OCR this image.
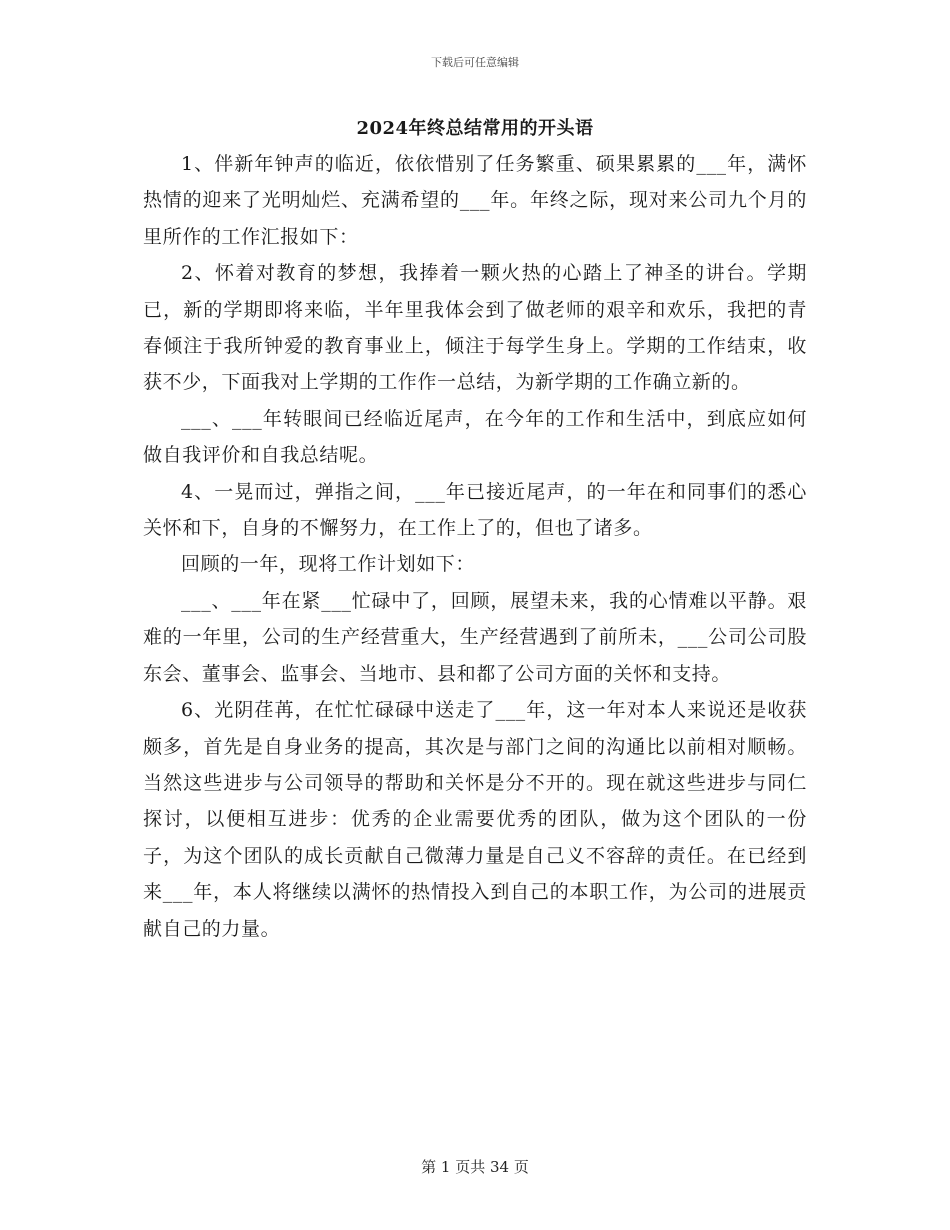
下载后可任意编辑
2024年终总结常用的开头语

1、伴新年钟声的临近，依依惜别了任务繁重、硕果累累的___年，满怀热情的迎来了光明灿烂、充满希望的___年。年终之际，现对来公司九个月的里所作的工作汇报如下：

2、怀着对教育的梦想，我捧着一颗火热的心踏上了神圣的讲台。学期已，新的学期即将来临，半年里我体会到了做老师的艰辛和欢乐，我把的青春倾注于我所钟爱的教育事业上，倾注于每学生身上。学期的工作结束，收获不少，下面我对上学期的工作作一总结，为新学期的工作确立新的。

___、___年转眼间已经临近尾声，在今年的工作和生活中，到底应如何做自我评价和自我总结呢。

4、一晃而过，弹指之间，___年已接近尾声，的一年在和同事们的悉心关怀和下，自身的不懈努力，在工作上了的，但也了诸多。

回顾的一年，现将工作计划如下：

___、___年在紧___忙碌中了，回顾，展望未来，我的心情难以平静。艰难的一年里，公司的生产经营重大，生产经营遇到了前所未，___公司公司股东会、董事会、监事会、当地市、县和都了公司方面的关怀和支持。

6、光阴荏苒，在忙忙碌碌中送走了___年，这一年对本人来说还是收获颇多，首先是自身业务的提高，其次是与部门之间的沟通比以前相对顺畅。当然这些进步与公司领导的帮助和关怀是分不开的。现在就这些进步与同仁探讨，以便相互进步：优秀的企业需要优秀的团队，做为这个团队的一份子，为这个团队的成长贡献自己微薄力量是自己义不容辞的责任。在已经到来___年，本人将继续以满怀的热情投入到自己的本职工作，为公司的进展贡献自己的力量。

第 1 页共 34 页
